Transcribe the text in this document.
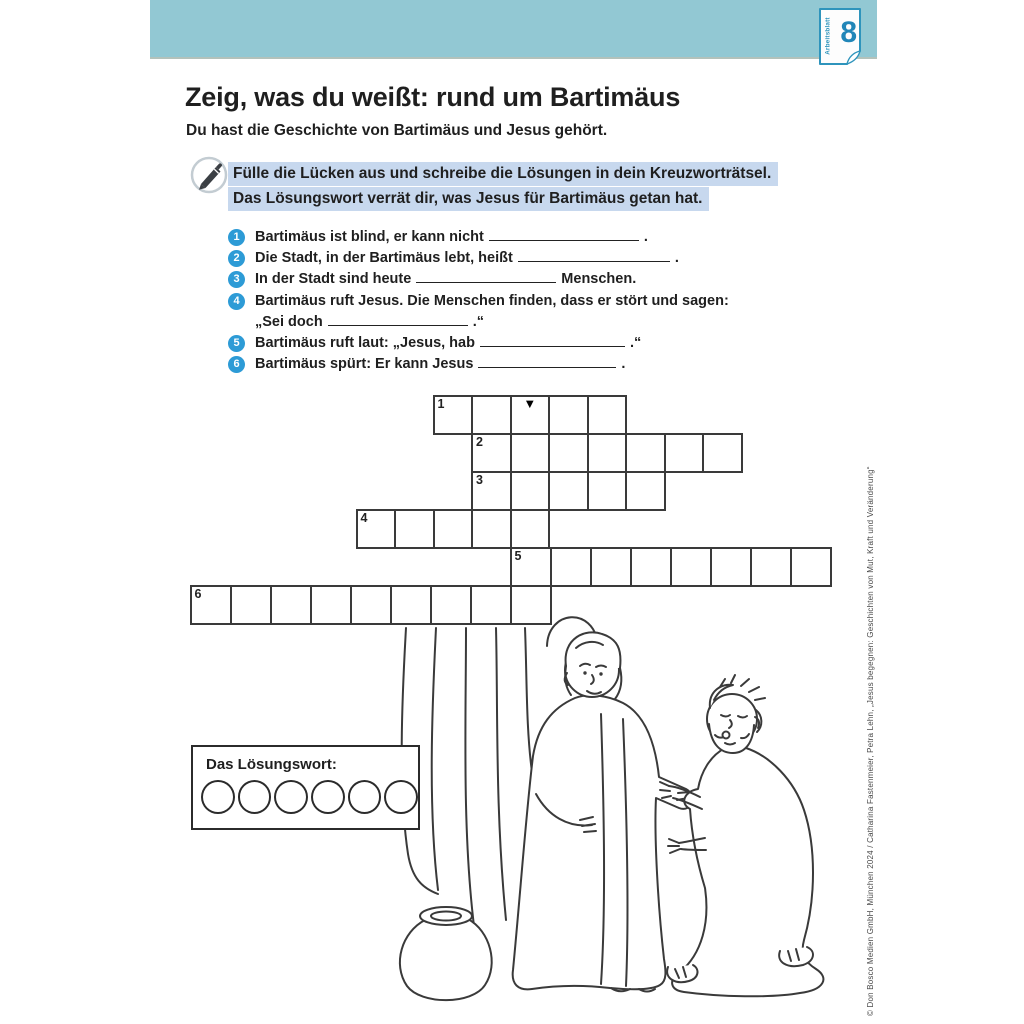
Arbeitsblatt 8
Zeig, was du weißt: rund um Bartimäus
Du hast die Geschichte von Bartimäus und Jesus gehört.
Fülle die Lücken aus und schreibe die Lösungen in dein Kreuzworträtsel.
Das Lösungswort verrät dir, was Jesus für Bartimäus getan hat.
1	Bartimäus ist blind, er kann nicht	.
2	Die Stadt, in der Bartimäus lebt, heißt	.
3	In der Stadt sind heute	Menschen.
4	Bartimäus ruft Jesus. Die Menschen finden, dass er stört und sagen:
„Sei doch	.“
5	Bartimäus ruft laut: „Jesus, hab	.“
6	Bartimäus spürt: Er kann Jesus	.
1	▼
2
3
4
5
6
Das Lösungswort:	© Don Bosco Medien GmbH, München 2024 / Catharina Fastenmeier, Petra Lehn, „Jesus begegnen: Geschichten von Mut, Kraft und Veränderung“
